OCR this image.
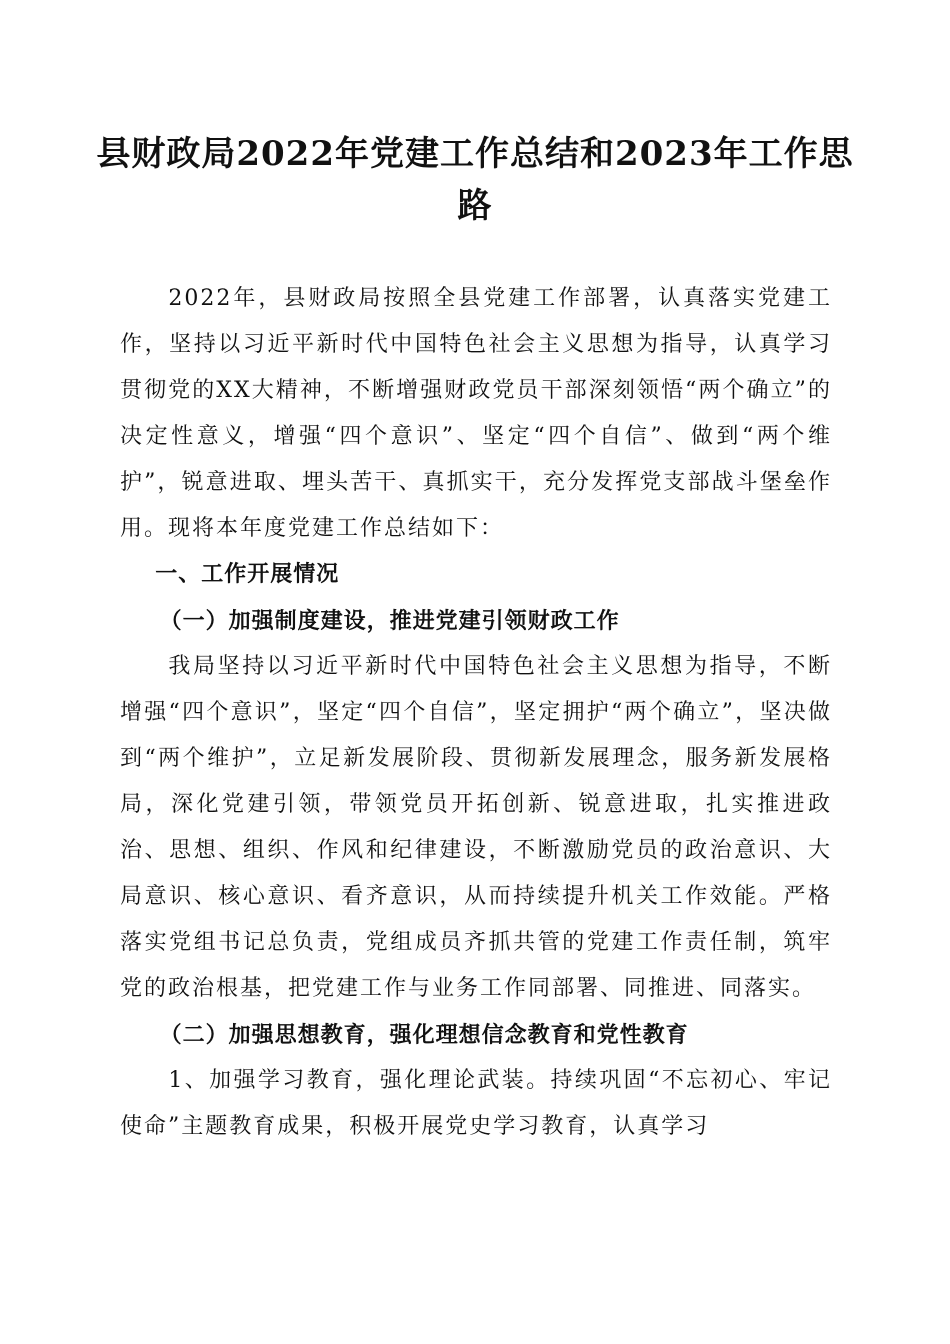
县财政局2022年党建工作总结和2023年工作思路

2022年，县财政局按照全县党建工作部署，认真落实党建工作，坚持以习近平新时代中国特色社会主义思想为指导，认真学习贯彻党的XX大精神，不断增强财政党员干部深刻领悟“两个确立”的决定性意义，增强“四个意识”、坚定“四个自信”、做到“两个维护”，锐意进取、埋头苦干、真抓实干，充分发挥党支部战斗堡垒作用。现将本年度党建工作总结如下：

一、工作开展情况

（一）加强制度建设，推进党建引领财政工作

我局坚持以习近平新时代中国特色社会主义思想为指导，不断增强“四个意识”，坚定“四个自信”，坚定拥护“两个确立”，坚决做到“两个维护”，立足新发展阶段、贯彻新发展理念，服务新发展格局，深化党建引领，带领党员开拓创新、锐意进取，扎实推进政治、思想、组织、作风和纪律建设，不断激励党员的政治意识、大局意识、核心意识、看齐意识，从而持续提升机关工作效能。严格落实党组书记总负责，党组成员齐抓共管的党建工作责任制，筑牢党的政治根基，把党建工作与业务工作同部署、同推进、同落实。

（二）加强思想教育，强化理想信念教育和党性教育

1、加强学习教育，强化理论武装。持续巩固“不忘初心、牢记使命”主题教育成果，积极开展党史学习教育，认真学习
